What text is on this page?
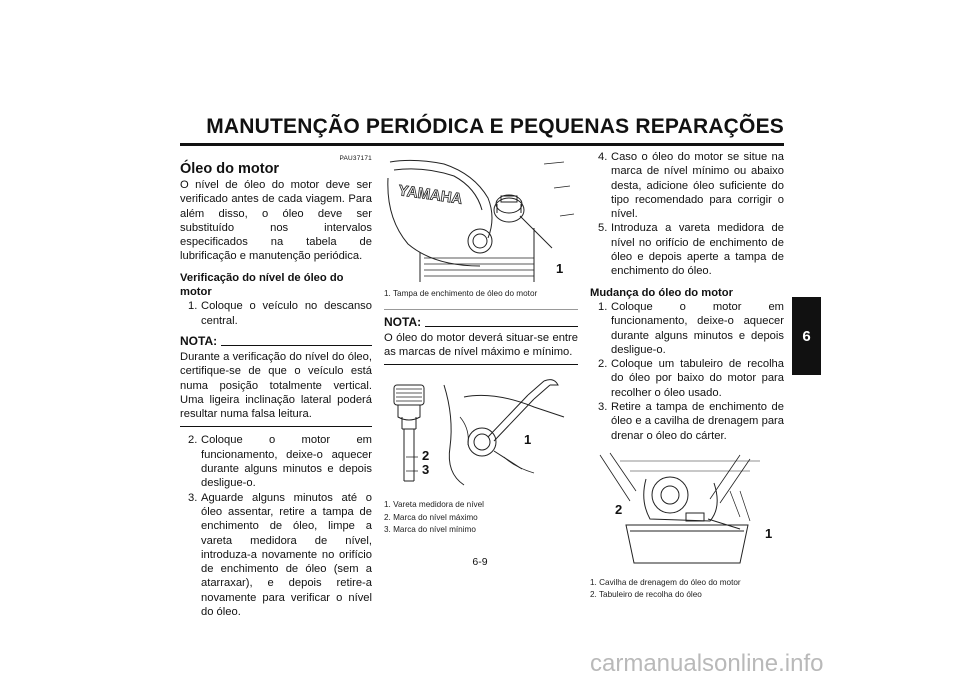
MANUTENÇÃO PERIÓDICA E PEQUENAS REPARAÇÕES
6
PAU37171
Óleo do motor

O nível de óleo do motor deve ser verificado antes de cada viagem. Para além disso, o óleo deve ser substituído nos intervalos especificados na tabela de lubrificação e manutenção periódica.

Verificação do nível de óleo do motor
1. Coloque o veículo no descanso central.
NOTA:

Durante a verificação do nível do óleo, certifique-se de que o veículo está numa posição totalmente vertical. Uma ligeira inclinação lateral poderá resultar numa falsa leitura.

2. Coloque o motor em funcionamento, deixe-o aquecer durante alguns minutos e depois desligue-o.
3. Aguarde alguns minutos até o óleo assentar, retire a tampa de enchimento de óleo, limpe a vareta medidora de nível, introduza-a novamente no orifício de enchimento de óleo (sem a atarraxar), e depois retire-a novamente para verificar o nível do óleo.
YAMAHA
1
1. Tampa de enchimento de óleo do motor
NOTA:

O óleo do motor deverá situar-se entre as marcas de nível máximo e mínimo.

1
2
3
1. Vareta medidora de nível
2. Marca do nível máximo
3. Marca do nível mínimo
4. Caso o óleo do motor se situe na marca de nível mínimo ou abaixo desta, adicione óleo suficiente do tipo recomendado para corrigir o nível.
5. Introduza a vareta medidora de nível no orifício de enchimento de óleo e depois aperte a tampa de enchimento do óleo.
Mudança do óleo do motor
1. Coloque o motor em funcionamento, deixe-o aquecer durante alguns minutos e depois desligue-o.
2. Coloque um tabuleiro de recolha do óleo por baixo do motor para recolher o óleo usado.
3. Retire a tampa de enchimento de óleo e a cavilha de drenagem para drenar o óleo do cárter.
1
2
1. Cavilha de drenagem do óleo do motor
2. Tabuleiro de recolha do óleo
6-9
carmanualsonline.info
